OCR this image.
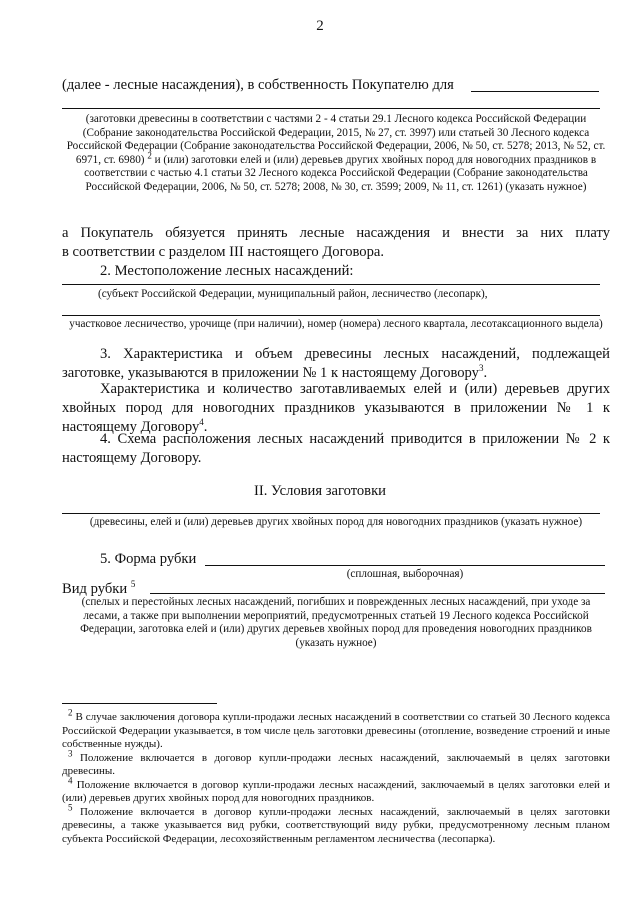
2
(далее - лесные насаждения), в собственность Покупателю для
(заготовки древесины в соответствии с частями 2 - 4 статьи 29.1 Лесного кодекса Российской Федерации (Собрание законодательства Российской Федерации, 2015, № 27, ст. 3997) или статьей 30 Лесного кодекса Российской Федерации (Собрание законодательства Российской Федерации, 2006, № 50, ст. 5278; 2013, № 52, ст. 6971, ст. 6980) $^2$ и (или) заготовки елей и (или) деревьев других хвойных пород для новогодних праздников в соответствии с частью 4.1 статьи 32 Лесного кодекса Российской Федерации (Собрание законодательства Российской Федерации, 2006, № 50, ст. 5278; 2008, № 30, ст. 3599; 2009, № 11, ст. 1261) (указать нужное)
а Покупатель обязуется принять лесные насаждения и внести за них плату
в соответствии с разделом III настоящего Договора.
2. Местоположение лесных насаждений:
(субъект Российской Федерации, муниципальный район, лесничество (лесопарк),
участковое лесничество, урочище (при наличии), номер (номера) лесного квартала, лесотаксационного выдела)
3. Характеристика и объем древесины лесных насаждений, подлежащей заготовке, указываются в приложении № 1 к настоящему Договору$^3$.
Характеристика и количество заготавливаемых елей и (или) деревьев других хвойных пород для новогодних праздников указываются в приложении № 1 к настоящему Договору$^4$.
4. Схема расположения лесных насаждений приводится в приложении № 2 к настоящему Договору.
II. Условия заготовки
(древесины, елей и (или) деревьев других хвойных пород для новогодних праздников (указать нужное)
5. Форма рубки
(сплошная, выборочная)
Вид рубки $^5$
(спелых и перестойных лесных насаждений, погибших и поврежденных лесных насаждений, при уходе за лесами, а также при выполнении мероприятий, предусмотренных статьей 19 Лесного кодекса Российской Федерации, заготовка елей и (или) других деревьев хвойных пород для проведения новогодних праздников (указать нужное)
$^2$ В случае заключения договора купли-продажи лесных насаждений в соответствии со статьей 30 Лесного кодекса Российской Федерации указывается, в том числе цель заготовки древесины (отопление, возведение строений и иные собственные нужды).
$^3$ Положение включается в договор купли-продажи лесных насаждений, заключаемый в целях заготовки древесины.
$^4$ Положение включается в договор купли-продажи лесных насаждений, заключаемый в целях заготовки елей и (или) деревьев других хвойных пород для новогодних праздников.
$^5$ Положение включается в договор купли-продажи лесных насаждений, заключаемый в целях заготовки древесины, а также указывается вид рубки, соответствующий виду рубки, предусмотренному лесным планом субъекта Российской Федерации, лесохозяйственным регламентом лесничества (лесопарка).
